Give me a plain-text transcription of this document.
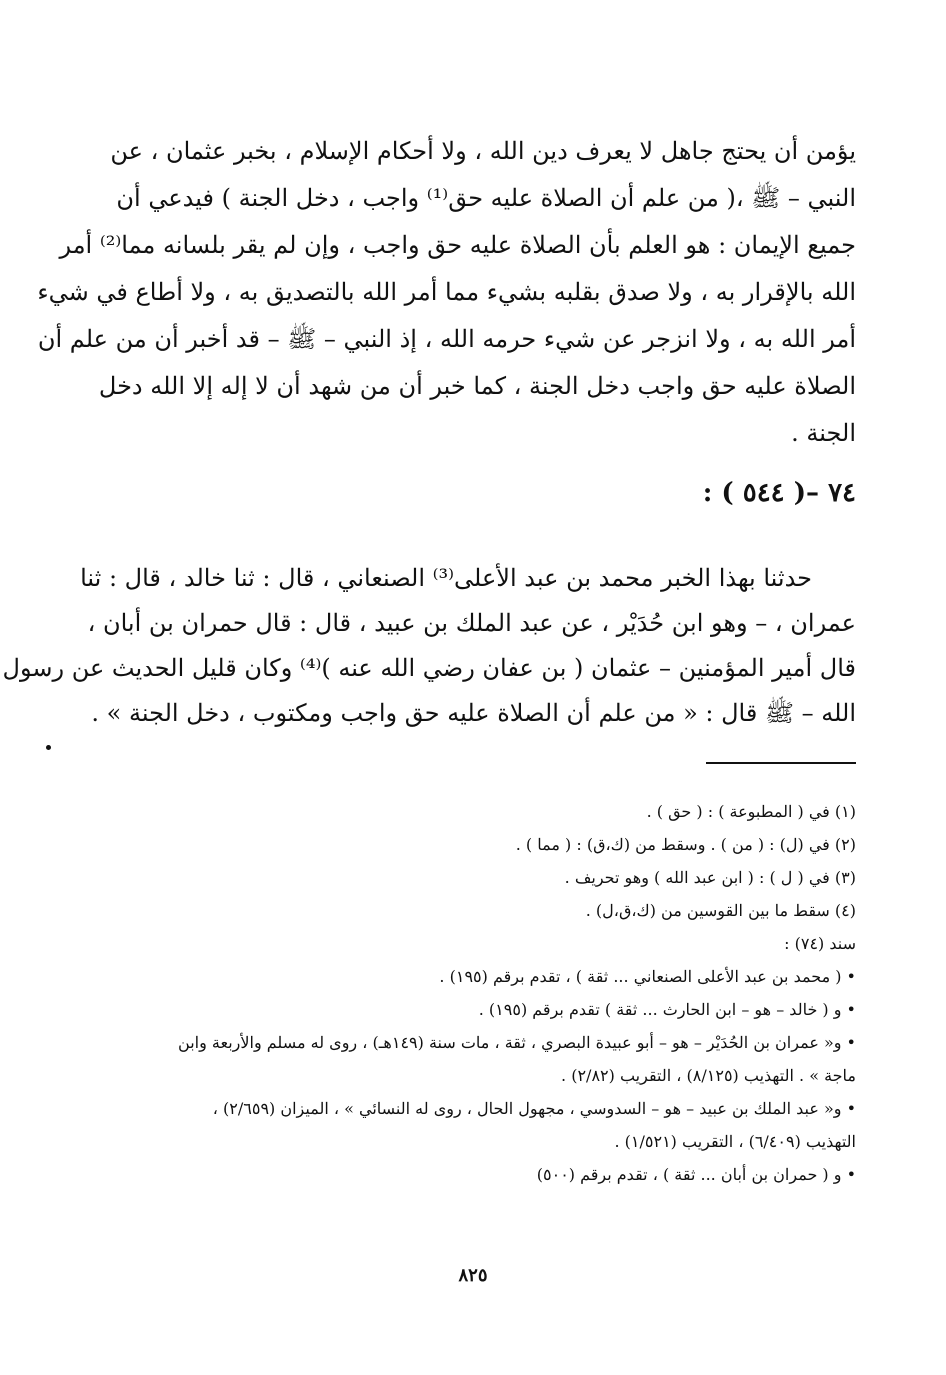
يؤمن أن يحتج جاهل لا يعرف دين الله ، ولا أحكام الإسلام ، بخبر عثمان ، عن
النبي – ﷺ ،( من علم أن الصلاة عليه حق⁽¹⁾ واجب ، دخل الجنة ) فيدعي أن
جميع الإيمان : هو العلم بأن الصلاة عليه حق واجب ، وإن لم يقر بلسانه مما⁽²⁾ أمر
الله بالإقرار به ، ولا صدق بقلبه بشيء مما أمر الله بالتصديق به ، ولا أطاع في شيء
أمر الله به ، ولا انزجر عن شيء حرمه الله ، إذ النبي – ﷺ – قد أخبر أن من علم أن
الصلاة عليه حق واجب دخل الجنة ، كما خبر أن من شهد أن لا إله إلا الله دخل
الجنة .
٧٤ –( ٥٤٤ ) :
حدثنا بهذا الخبر محمد بن عبد الأعلى⁽³⁾ الصنعاني ، قال : ثنا خالد ، قال : ثنا
عمران ، – وهو ابن حُدَيْر ، عن عبد الملك بن عبيد ، قال : قال حمران بن أبان ،
قال أمير المؤمنين – عثمان ( بن عفان رضي الله عنه )⁽⁴⁾ وكان قليل الحديث عن رسول
الله – ﷺ قال : « من علم أن الصلاة عليه حق واجب ومكتوب ، دخل الجنة » .
(١) في ( المطبوعة ) : ( حق ) .
(٢) في (ل) : ( من ) . وسقط من (ك،ق) : ( مما ) .
(٣) في ( ل ) : ( ابن عبد الله ) وهو تحريف .
(٤) سقط ما بين القوسين من (ك،ق،ل) .
سند (٧٤) :
• ( محمد بن عبد الأعلى الصنعاني ... ثقة ) ، تقدم برقم (١٩٥) .
• و ( خالد – هو – ابن الحارث ... ثقة ) تقدم برقم (١٩٥) .
• و« عمران بن الحُدَيْر – هو – أبو عبيدة البصري ، ثقة ، مات سنة (١٤٩هـ) ، روى له مسلم والأربعة وابن
ماجة » . التهذيب (٨/١٢٥) ، التقريب (٢/٨٢) .
• و« عبد الملك بن عبيد – هو – السدوسي ، مجهول الحال ، روى له النسائي » ، الميزان (٢/٦٥٩) ،
التهذيب (٦/٤٠٩) ، التقريب (١/٥٢١) .
• و ( حمران بن أبان ... ثقة ) ، تقدم برقم (٥٠٠)
٨٢٥
